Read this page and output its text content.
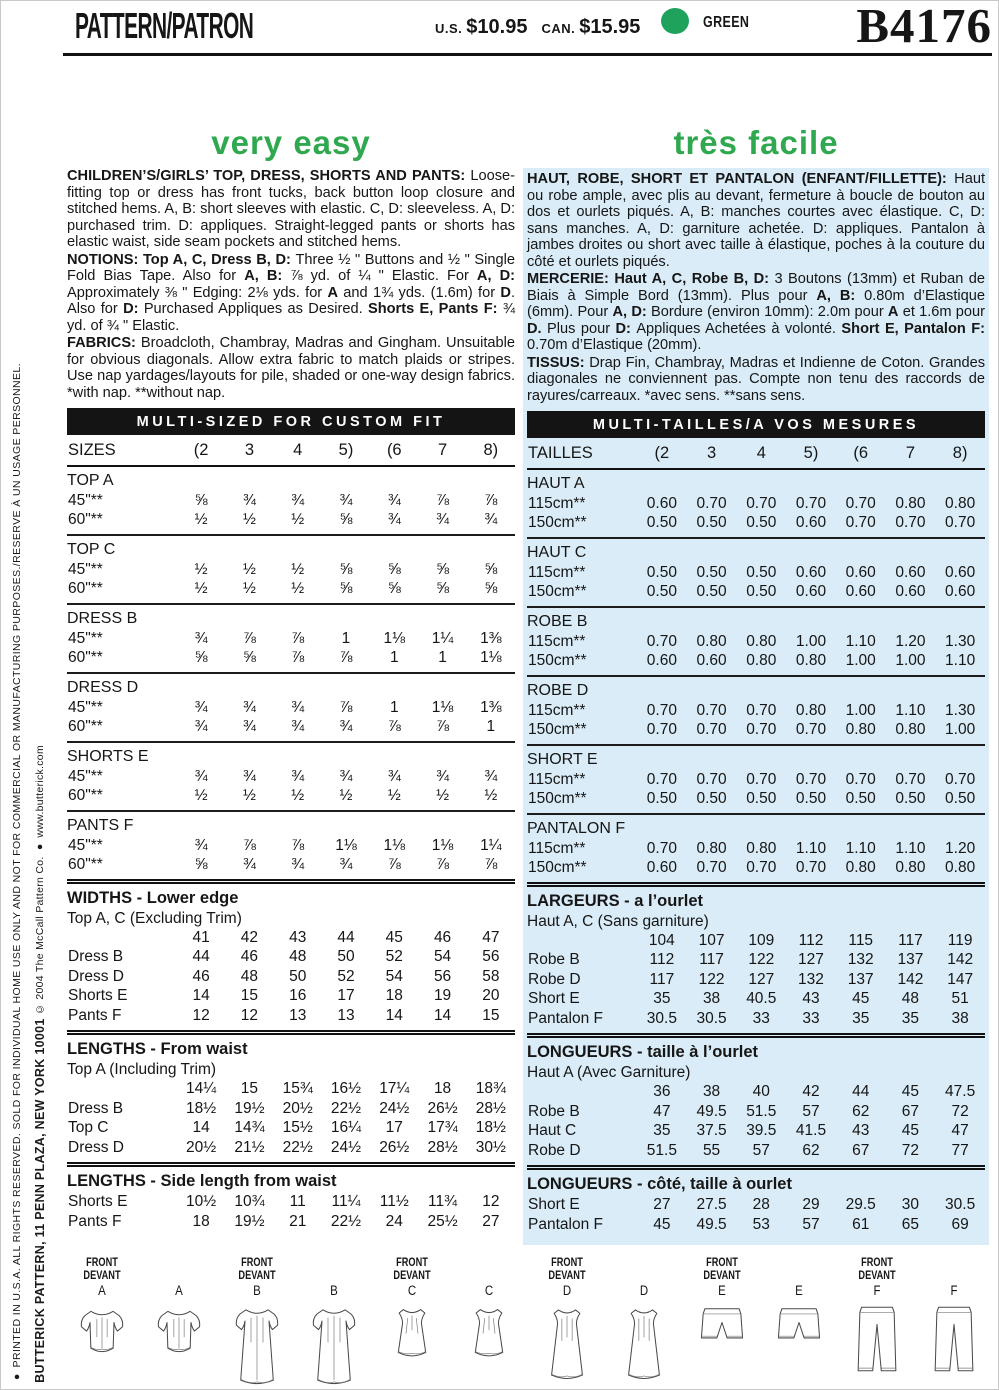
● PRINTED IN U.S.A. ALL RIGHTS RESERVED. SOLD FOR INDIVIDUAL HOME USE ONLY AND NOT FOR COMMERCIAL OR MANUFACTURING PURPOSES./RESERVE À UN USAGE PERSONNEL. BUTTERICK PATTERN, 11 PENN PLAZA, NEW YORK 10001 © 2004 The McCall Pattern Co. ● www.butterick.com
PATTERN/PATRON	U.S. $10.95 CAN. $15.95	GREEN B4176
very easy

CHILDREN’S/GIRLS’ TOP, DRESS, SHORTS AND PANTS: Loose-fitting top or dress has front tucks, back button loop closure and stitched hems. A, B: short sleeves with elastic. C, D: sleeveless. A, D: purchased trim. D: appliques. Straight-legged pants or shorts has elastic waist, side seam pockets and stitched hems.

NOTIONS: Top A, C, Dress B, D: Three ½ " Buttons and ½ " Single Fold Bias Tape. Also for A, B: ⅞ yd. of ¼ " Elastic. For A, D: Approximately ⅜ " Edging: 2⅛ yds. for A and 1¾ yds. (1.6m) for D. Also for D: Purchased Appliques as Desired. Shorts E, Pants F: ¾ yd. of ¾ " Elastic.

FABRICS: Broadcloth, Chambray, Madras and Gingham. Unsuitable for obvious diagonals. Allow extra fabric to match plaids or stripes. Use nap yardages/layouts for pile, shaded or one-way design fabrics. *with nap. **without nap.

MULTI-SIZED FOR CUSTOM FIT
SIZES	(2	3	4	5)	(6	7	8)
TOP A
45"**	⅝	¾	¾	¾	¾	⅞	⅞
60"**	½	½	½	⅝	¾	¾	¾
TOP C
45"**	½	½	½	⅝	⅝	⅝	⅝
60"**	½	½	½	⅝	⅝	⅝	⅝
DRESS B
45"**	¾	⅞	⅞	1	1⅛	1¼	1⅜
60"**	⅝	⅝	⅞	⅞	1	1	1⅛
DRESS D
45"**	¾	¾	¾	⅞	1	1⅛	1⅜
60"**	¾	¾	¾	¾	⅞	⅞	1
SHORTS E
45"**	¾	¾	¾	¾	¾	¾	¾
60"**	½	½	½	½	½	½	½
PANTS F
45"**	¾	⅞	⅞	1⅛	1⅛	1⅛	1¼
60"**	⅝	¾	¾	¾	⅞	⅞	⅞
WIDTHS - Lower edge
Top A, C (Excluding Trim)
41	42	43	44	45	46	47
Dress B	44	46	48	50	52	54	56
Dress D	46	48	50	52	54	56	58
Shorts E	14	15	16	17	18	19	20
Pants F	12	12	13	13	14	14	15
LENGTHS - From waist
Top A (Including Trim)
14¼	15	15¾	16½	17¼	18	18¾
Dress B	18½	19½	20½	22½	24½	26½	28½
Top C	14	14¾	15½	16¼	17	17¾	18½
Dress D	20½	21½	22½	24½	26½	28½	30½
LENGTHS - Side length from waist
Shorts E	10½	10¾	11	11¼	11½	11¾	12
Pants F	18	19½	21	22½	24	25½	27
très facile

HAUT, ROBE, SHORT ET PANTALON (ENFANT/FILLETTE): Haut ou robe ample, avec plis au devant, fermeture à boucle de bouton au dos et ourlets piqués. A, B: manches courtes avec élastique. C, D: sans manches. A, D: garniture achetée. D: appliques. Pantalon à jambes droites ou short avec taille à élastique, poches à la couture du côté et ourlets piqués.

MERCERIE: Haut A, C, Robe B, D: 3 Boutons (13mm) et Ruban de Biais à Simple Bord (13mm). Plus pour A, B: 0.80m d’Elastique (6mm). Pour A, D: Bordure (environ 10mm): 2.0m pour A et 1.6m pour D. Plus pour D: Appliques Achetées à volonté. Short E, Pantalon F: 0.70m d’Elastique (20mm).

TISSUS: Drap Fin, Chambray, Madras et Indienne de Coton. Grandes diagonales ne conviennent pas. Compte non tenu des raccords de rayures/carreaux. *avec sens. **sans sens.

MULTI-TAILLES/A VOS MESURES
TAILLES	(2	3	4	5)	(6	7	8)
HAUT A
115cm**	0.60	0.70	0.70	0.70	0.70	0.80	0.80
150cm**	0.50	0.50	0.50	0.60	0.70	0.70	0.70
HAUT C
115cm**	0.50	0.50	0.50	0.60	0.60	0.60	0.60
150cm**	0.50	0.50	0.50	0.60	0.60	0.60	0.60
ROBE B
115cm**	0.70	0.80	0.80	1.00	1.10	1.20	1.30
150cm**	0.60	0.60	0.80	0.80	1.00	1.00	1.10
ROBE D
115cm**	0.70	0.70	0.70	0.80	1.00	1.10	1.30
150cm**	0.70	0.70	0.70	0.70	0.80	0.80	1.00
SHORT E
115cm**	0.70	0.70	0.70	0.70	0.70	0.70	0.70
150cm**	0.50	0.50	0.50	0.50	0.50	0.50	0.50
PANTALON F
115cm**	0.70	0.80	0.80	1.10	1.10	1.10	1.20
150cm**	0.60	0.70	0.70	0.70	0.80	0.80	0.80
LARGEURS - a l’ourlet
Haut A, C (Sans garniture)
104	107	109	112	115	117	119
Robe B	112	117	122	127	132	137	142
Robe D	117	122	127	132	137	142	147
Short E	35	38	40.5	43	45	48	51
Pantalon F	30.5	30.5	33	33	35	35	38
LONGUEURS - taille à l’ourlet
Haut A (Avec Garniture)
36	38	40	42	44	45	47.5
Robe B	47	49.5	51.5	57	62	67	72
Haut C	35	37.5	39.5	41.5	43	45	47
Robe D	51.5	55	57	62	67	72	77
LONGUEURS - côté, taille à ourlet
Short E	27	27.5	28	29	29.5	30	30.5
Pantalon F	45	49.5	53	57	61	65	69
FRONT
DEVANT
A	A
FRONT
DEVANT
B	B
FRONT
DEVANT
C	C
FRONT
DEVANT
D	D
FRONT
DEVANT
E	E
FRONT
DEVANT
F	F
